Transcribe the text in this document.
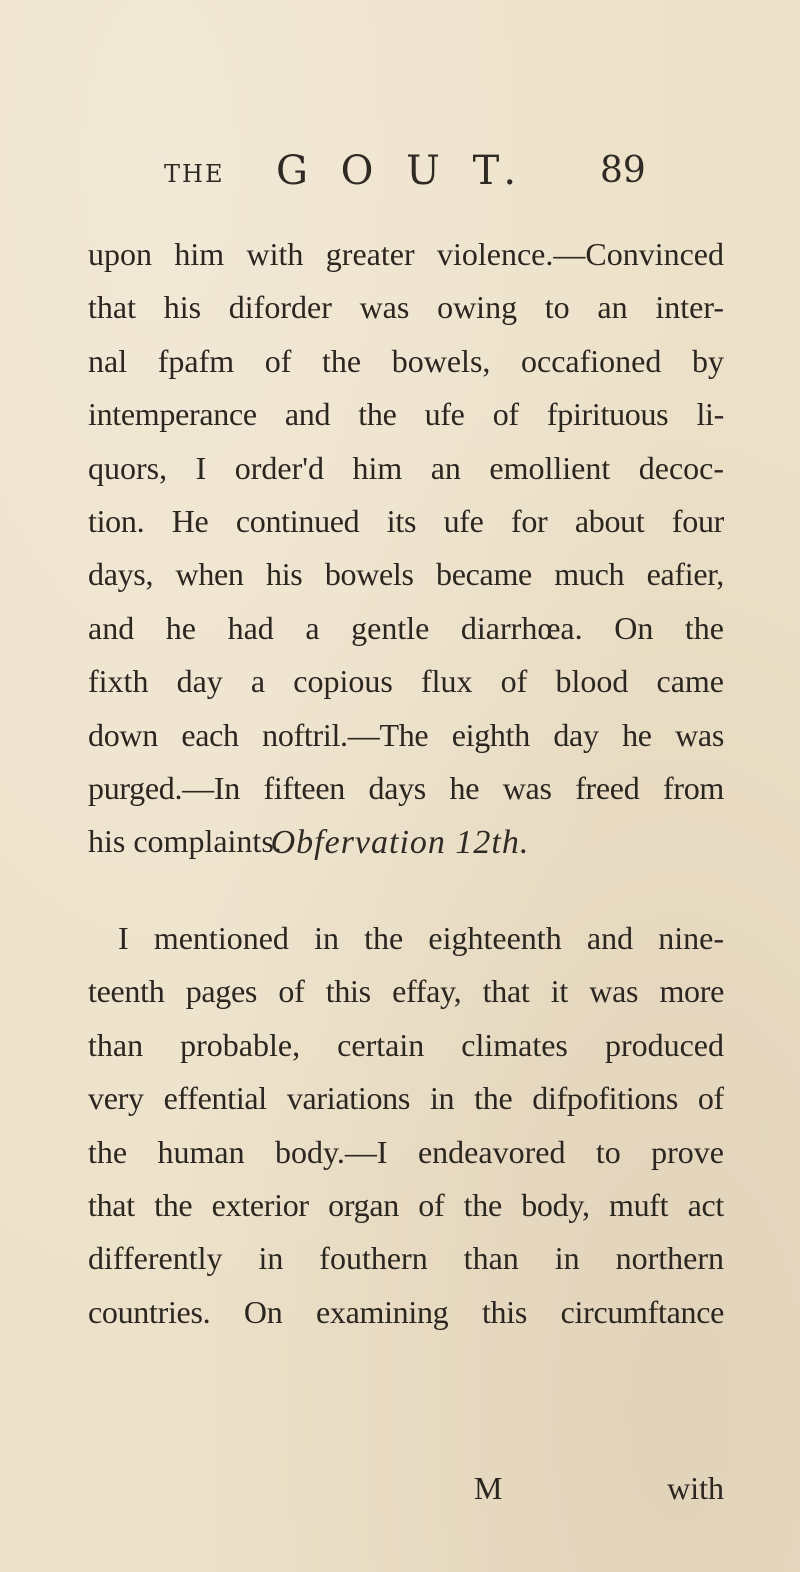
THE G O U T. 89
upon him with greater violence.—Convinced
that his diforder was owing to an inter-
nal fpafm of the bowels, occafioned by
intemperance and the ufe of fpirituous li-
quors, I order'd him an emollient decoc-
tion. He continued its ufe for about four
days, when his bowels became much eafier,
and he had a gentle diarrhœa. On the
fixth day a copious flux of blood came
down each noftril.—The eighth day he was
purged.—In fifteen days he was freed from
his complaints.
Obfervation 12th.
I mentioned in the eighteenth and nine-
teenth pages of this effay, that it was more
than probable, certain climates produced
very effential variations in the difpofitions of
the human body.—I endeavored to prove
that the exterior organ of the body, muft act
differently in fouthern than in northern
countries. On examining this circumftance
M	with
